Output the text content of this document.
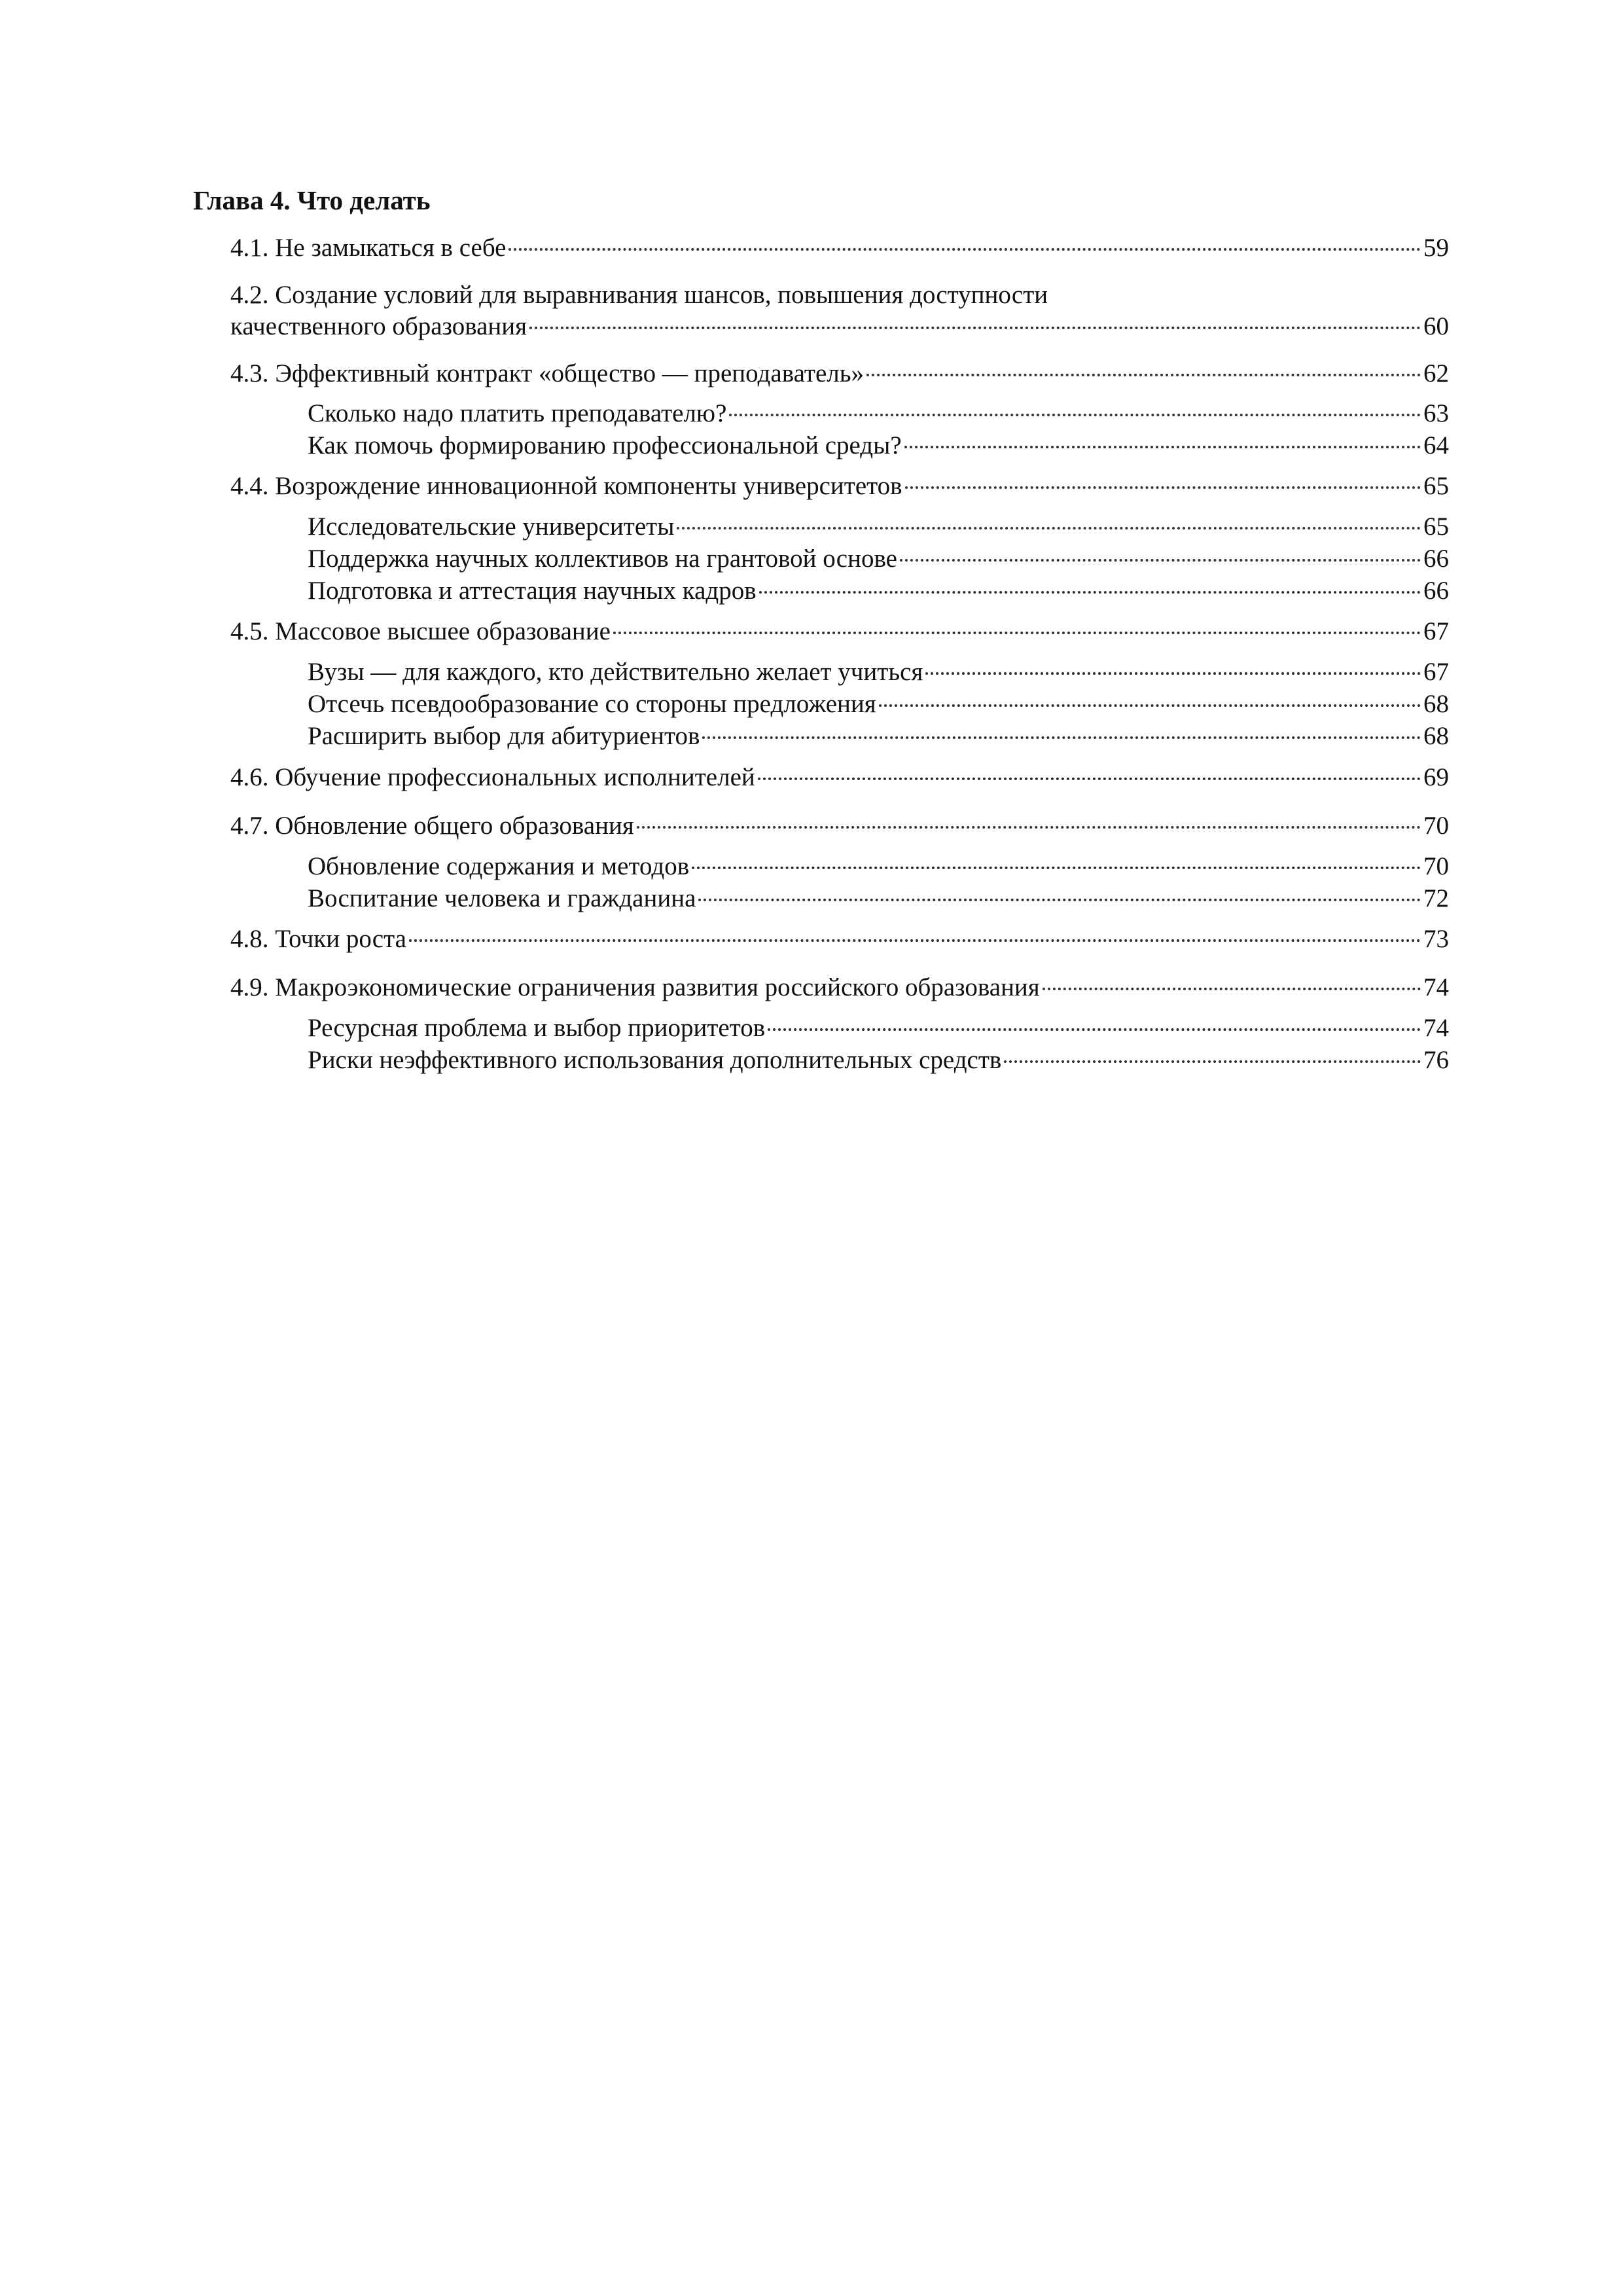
Глава 4. Что делать
4.1. Не замыкаться в себе	59
4.2. Создание условий для выравнивания шансов, повышения доступности
качественного образования	60
4.3. Эффективный контракт «общество — преподаватель»	62
Сколько надо платить преподавателю?	63
Как помочь формированию профессиональной среды?	64
4.4. Возрождение инновационной компоненты университетов	65
Исследовательские университеты	65
Поддержка научных коллективов на грантовой основе	66
Подготовка и аттестация научных кадров	66
4.5. Массовое высшее образование	67
Вузы — для каждого, кто действительно желает учиться	67
Отсечь псевдообразование со стороны предложения	68
Расширить выбор для абитуриентов	68
4.6. Обучение профессиональных исполнителей	69
4.7. Обновление общего образования	70
Обновление содержания и методов	70
Воспитание человека и гражданина	72
4.8. Точки роста	73
4.9. Макроэкономические ограничения развития российского образования	74
Ресурсная проблема и выбор приоритетов	74
Риски неэффективного использования дополнительных средств	76
